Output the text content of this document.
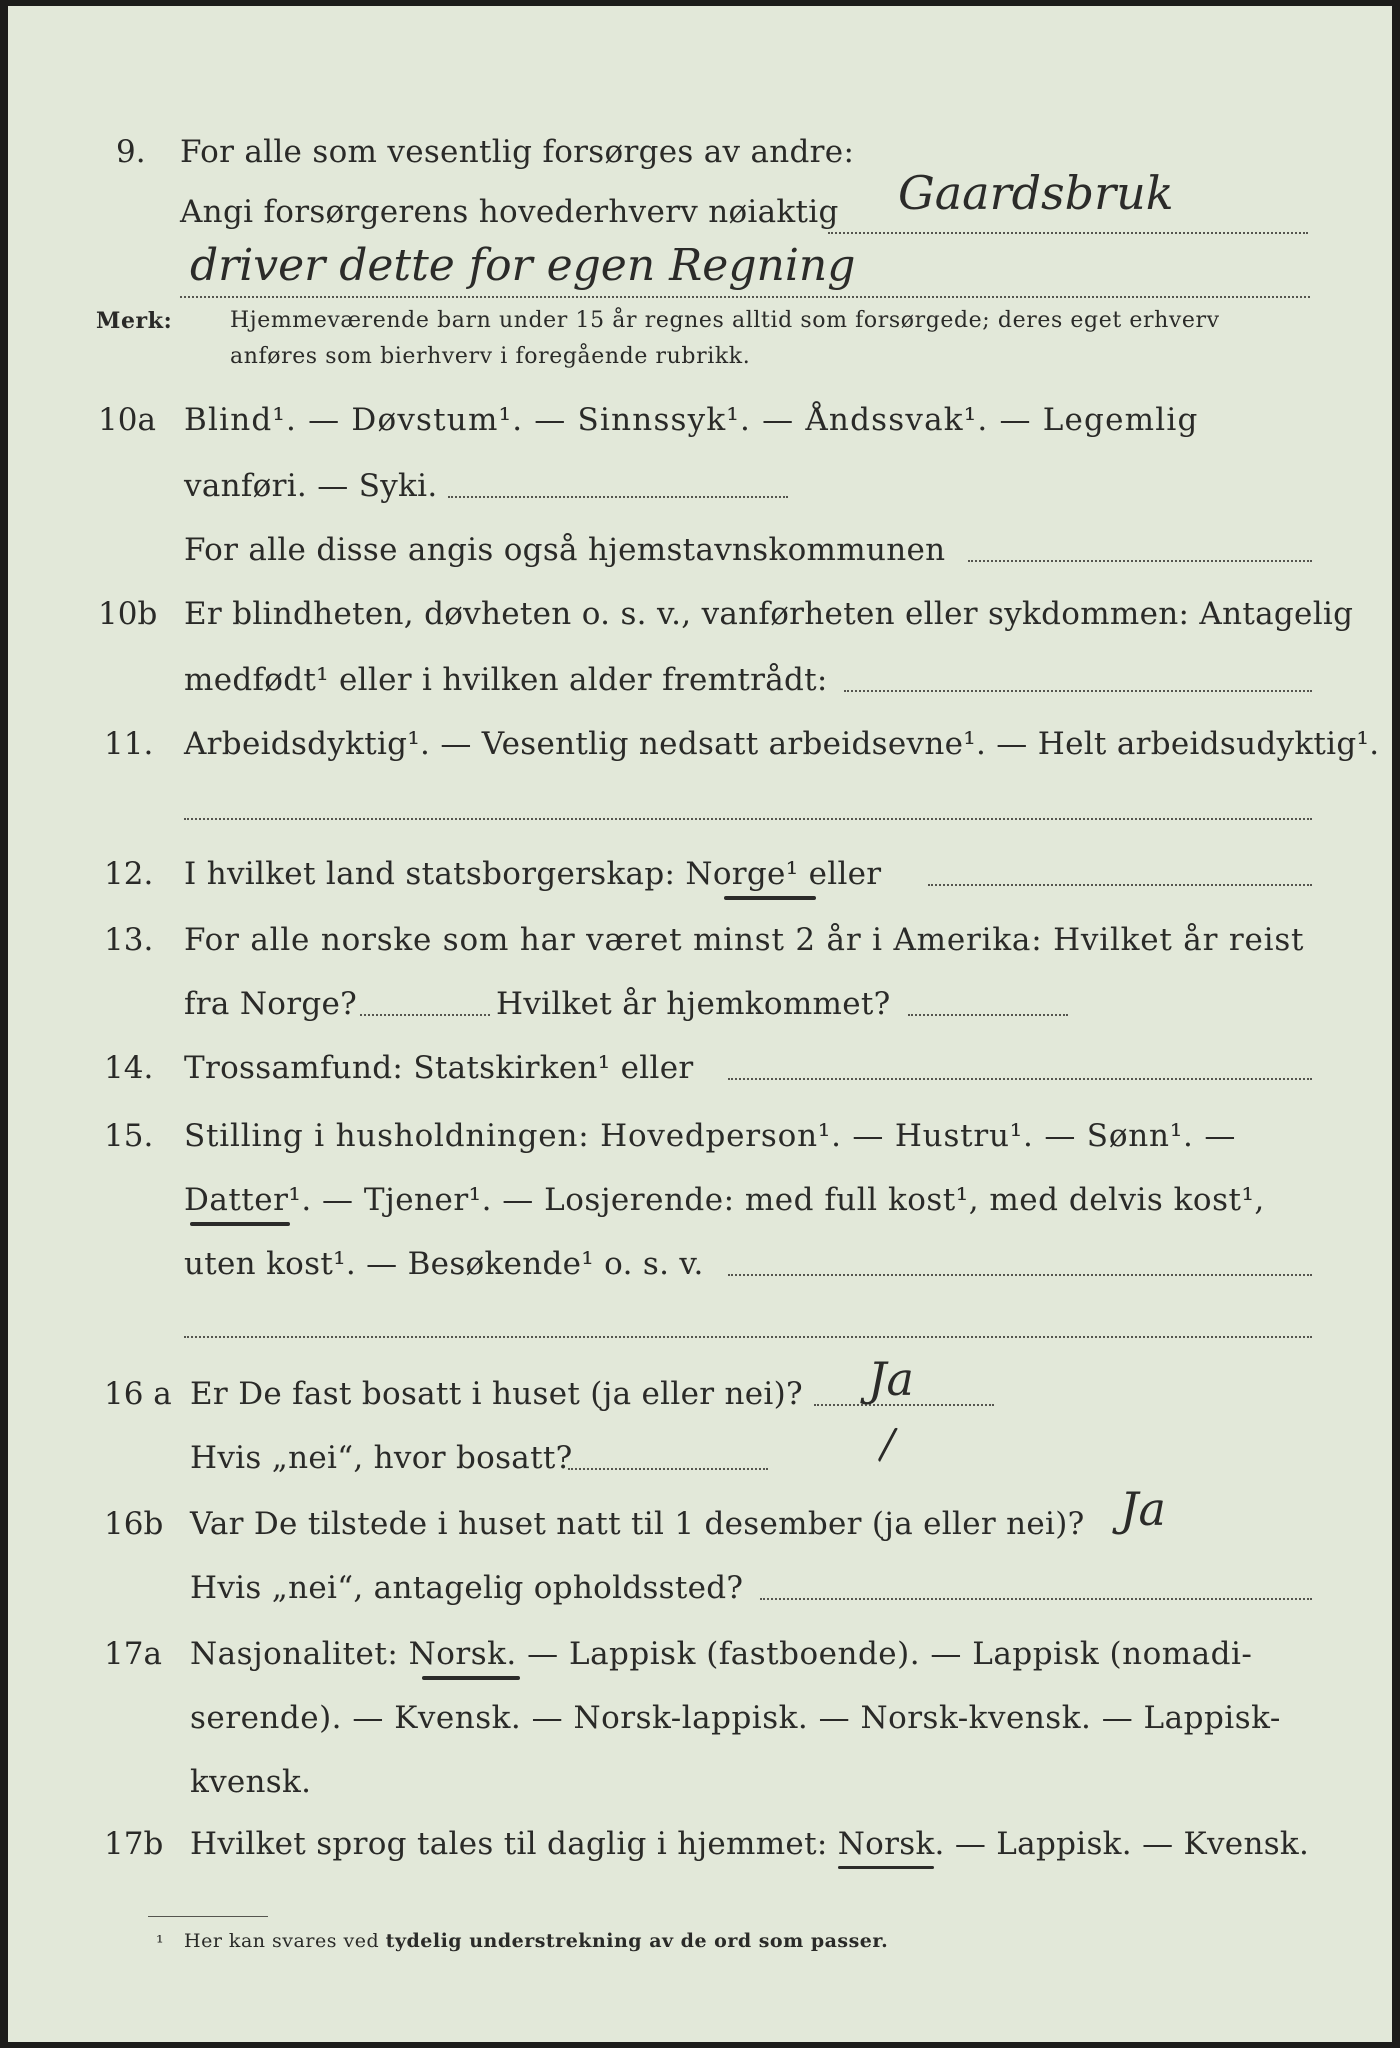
9. For alle som vesentlig forsørges av andre:
Angi forsørgerens hovederhverv nøiaktig Gaardsbruk
driver dette for egen Regning
Merk:	Hjemmeværende barn under 15 år regnes alltid som forsørgede; deres eget erhverv
anføres som bierhverv i foregående rubrikk.
10a Blind¹. — Døvstum¹. — Sinnssyk¹. — Åndssvak¹. — Legemlig
vanføri. — Syki.
For alle disse angis også hjemstavnskommunen
10b Er blindheten, døvheten o. s. v., vanførheten eller sykdommen: Antagelig
medfødt¹ eller i hvilken alder fremtrådt:
11. Arbeidsdyktig¹. — Vesentlig nedsatt arbeidsevne¹. — Helt arbeidsudyktig¹.
12. I hvilket land statsborgerskap: Norge¹ eller
13. For alle norske som har været minst 2 år i Amerika: Hvilket år reist
fra Norge?	Hvilket år hjemkommet?
14. Trossamfund: Statskirken¹ eller
15. Stilling i husholdningen: Hovedperson¹. — Hustru¹. — Sønn¹. —
Datter¹. — Tjener¹. — Losjerende: med full kost¹, med delvis kost¹,
uten kost¹. — Besøkende¹ o. s. v.
16 a Er De fast bosatt i huset (ja eller nei)? Ja
Hvis „nei“, hvor bosatt?
16b Var De tilstede i huset natt til 1 desember (ja eller nei)? Ja
Hvis „nei“, antagelig opholdssted?
17a Nasjonalitet: Norsk. — Lappisk (fastboende). — Lappisk (nomadi-
serende). — Kvensk. — Norsk-lappisk. — Norsk-kvensk. — Lappisk-
kvensk.
17b Hvilket sprog tales til daglig i hjemmet: Norsk. — Lappisk. — Kvensk.
¹ Her kan svares ved tydelig understrekning av de ord som passer.
